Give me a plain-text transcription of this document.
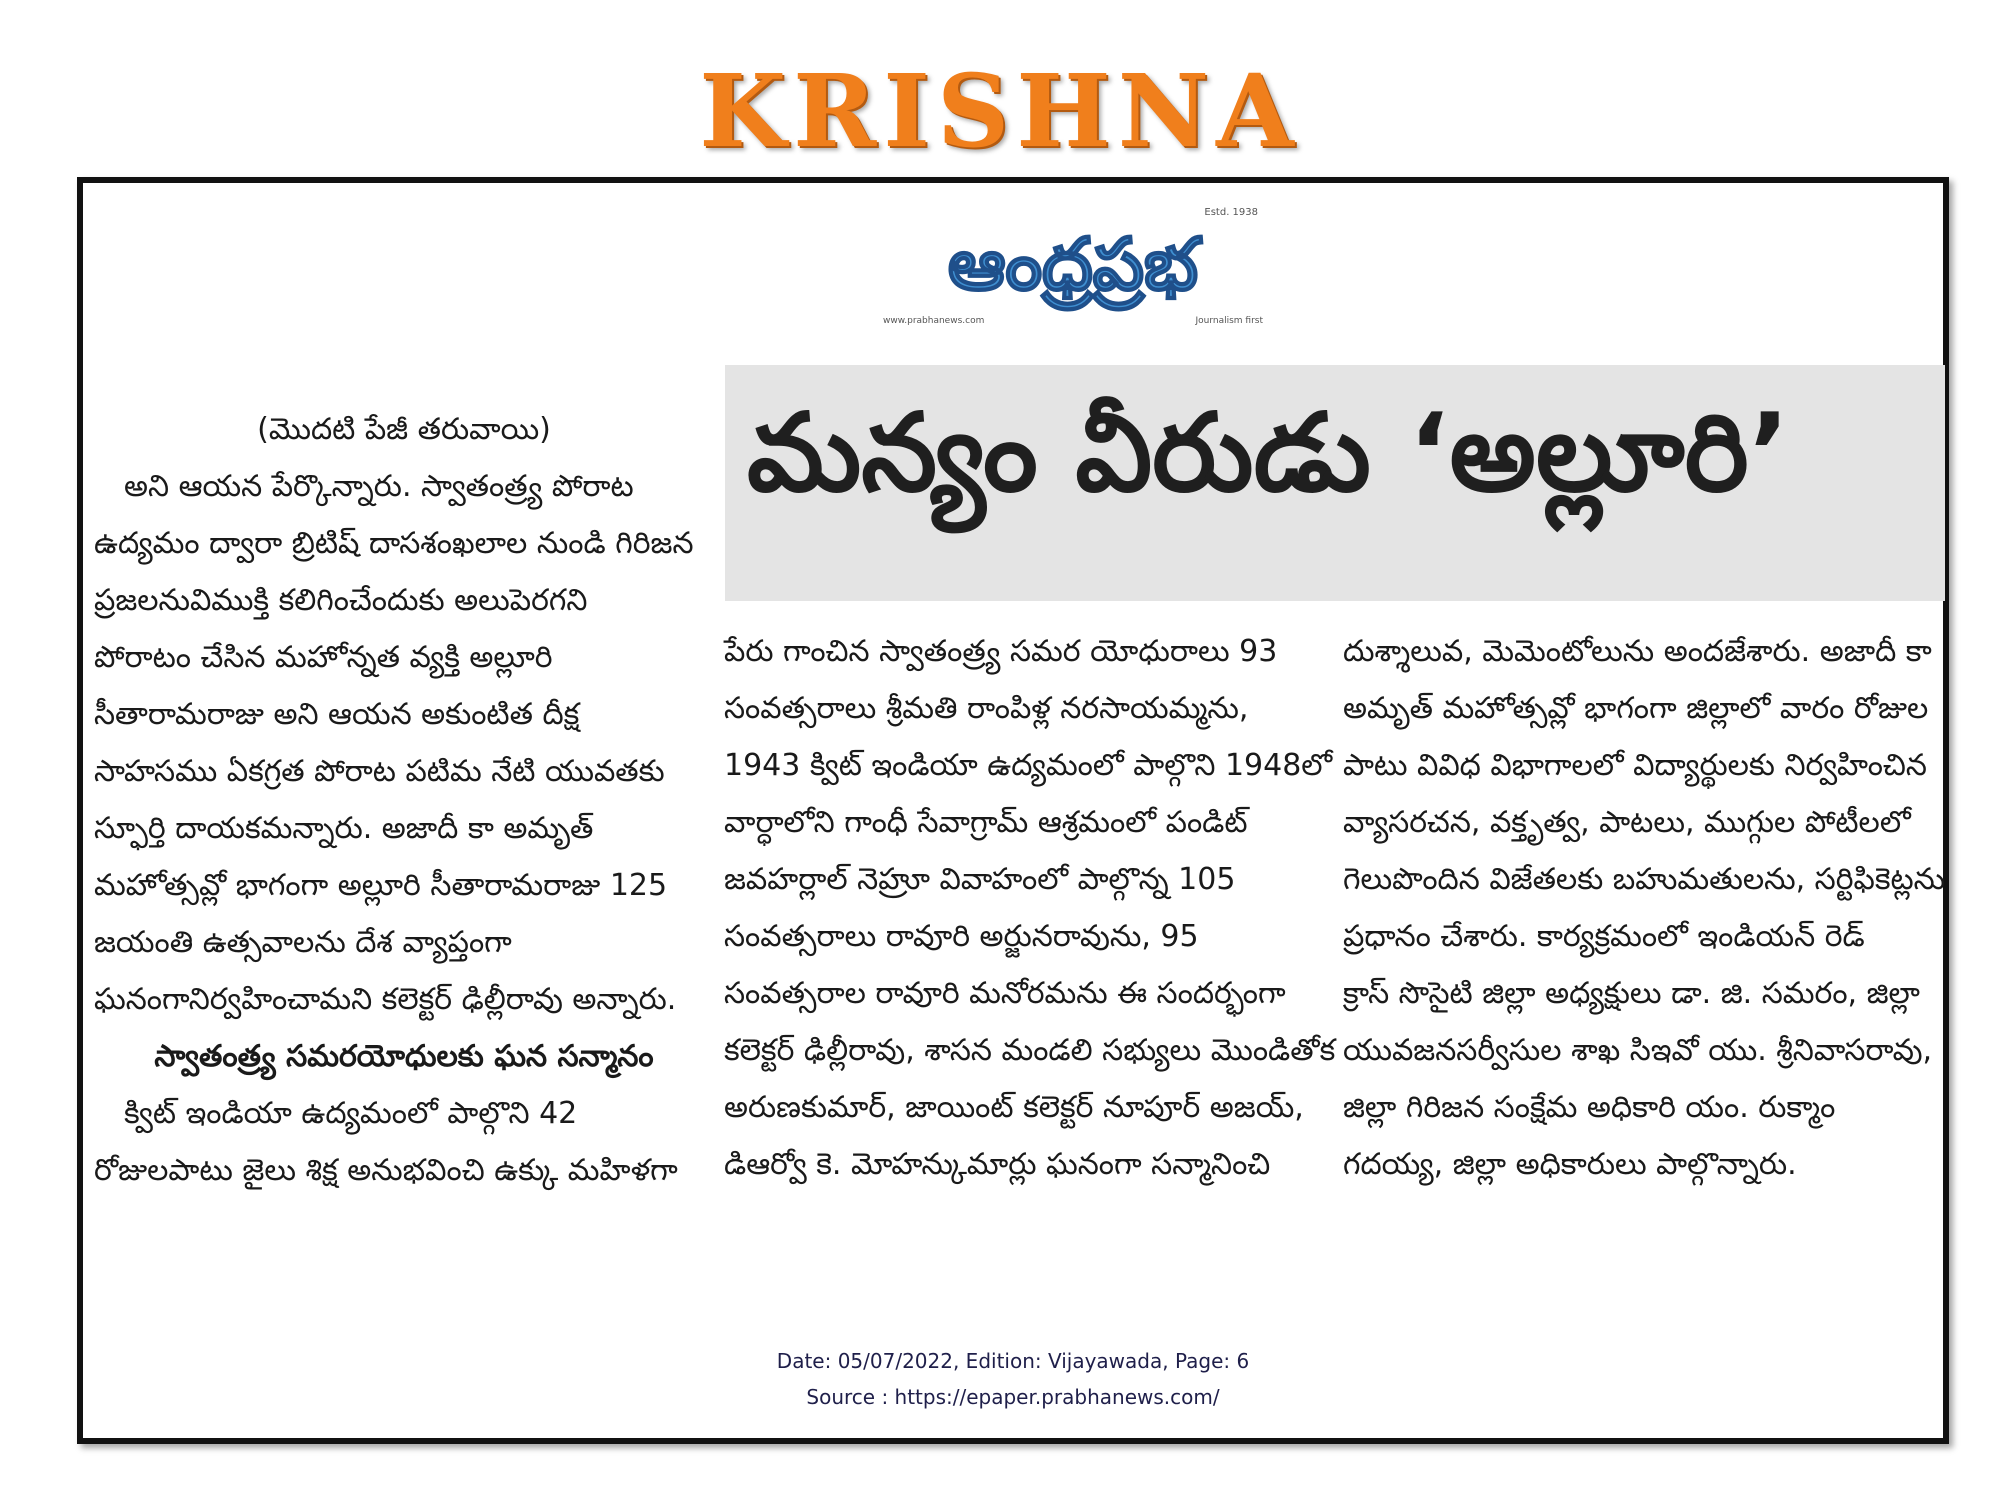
KRISHNA
Estd. 1938
ఆంధ్రప్రభ
www.prabhanews.com	Journalism first

(మొదటి పేజీ తరువాయి)

అని ఆయన పేర్కొన్నారు. స్వాతంత్ర్య పోరాట

ఉద్యమం ద్వారా బ్రిటిష్ దాసశంఖలాల నుండి గిరిజన

ప్రజలనువిముక్తి కలిగించేందుకు అలుపెరగని

పోరాటం చేసిన మహోన్నత వ్యక్తి అల్లూరి

సీతారామరాజు అని ఆయన అకుంటిత దీక్ష

సాహసము ఏకగ్రత పోరాట పటిమ నేటి యువతకు

స్ఫూర్తి దాయకమన్నారు. అజాదీ కా అమృత్

మహోత్సవ్లో భాగంగా అల్లూరి సీతారామరాజు 125

జయంతి ఉత్సవాలను దేశ వ్యాప్తంగా

ఘనంగానిర్వహించామని కలెక్టర్ ఢిల్లీరావు అన్నారు.

స్వాతంత్ర్య సమరయోధులకు ఘన సన్మానం

క్విట్ ఇండియా ఉద్యమంలో పాల్గొని 42

రోజులపాటు జైలు శిక్ష అనుభవించి ఉక్కు మహిళగా

మన్యం వీరుడు ‘అల్లూరి’

పేరు గాంచిన స్వాతంత్ర్య సమర యోధురాలు 93

సంవత్సరాలు శ్రీమతి రాంపిళ్ల నరసాయమ్మను,

1943 క్విట్ ఇండియా ఉద్యమంలో పాల్గొని 1948లో

వార్ధాలోని గాంధీ సేవాగ్రామ్ ఆశ్రమంలో పండిట్

జవహర్లాల్ నెహ్రూ వివాహంలో పాల్గొన్న 105

సంవత్సరాలు రావూరి అర్జునరావును, 95

సంవత్సరాల రావూరి మనోరమను ఈ సందర్భంగా

కలెక్టర్ ఢిల్లీరావు, శాసన మండలి సభ్యులు మొండితోక

అరుణకుమార్, జాయింట్ కలెక్టర్ నూపూర్ అజయ్,

డిఆర్వో కె. మోహన్కుమార్లు ఘనంగా సన్మానించి

దుశ్శాలువ, మెమెంటోలును అందజేశారు. అజాదీ కా

అమృత్ మహోత్సవ్లో భాగంగా జిల్లాలో వారం రోజుల

పాటు వివిధ విభాగాలలో విద్యార్థులకు నిర్వహించిన

వ్యాసరచన, వక్తృత్వ, పాటలు, ముగ్గుల పోటీలలో

గెలుపొందిన విజేతలకు బహుమతులను, సర్టిఫికెట్లను

ప్రధానం చేశారు. కార్యక్రమంలో ఇండియన్ రెడ్

క్రాస్ సొసైటి జిల్లా అధ్యక్షులు డా. జి. సమరం, జిల్లా

యువజనసర్వీసుల శాఖ సిఇవో యు. శ్రీనివాసరావు,

జిల్లా గిరిజన సంక్షేమ అధికారి యం. రుక్మాం

గదయ్య, జిల్లా అధికారులు పాల్గొన్నారు.

Date: 05/07/2022, Edition: Vijayawada, Page: 6
Source : https://epaper.prabhanews.com/
